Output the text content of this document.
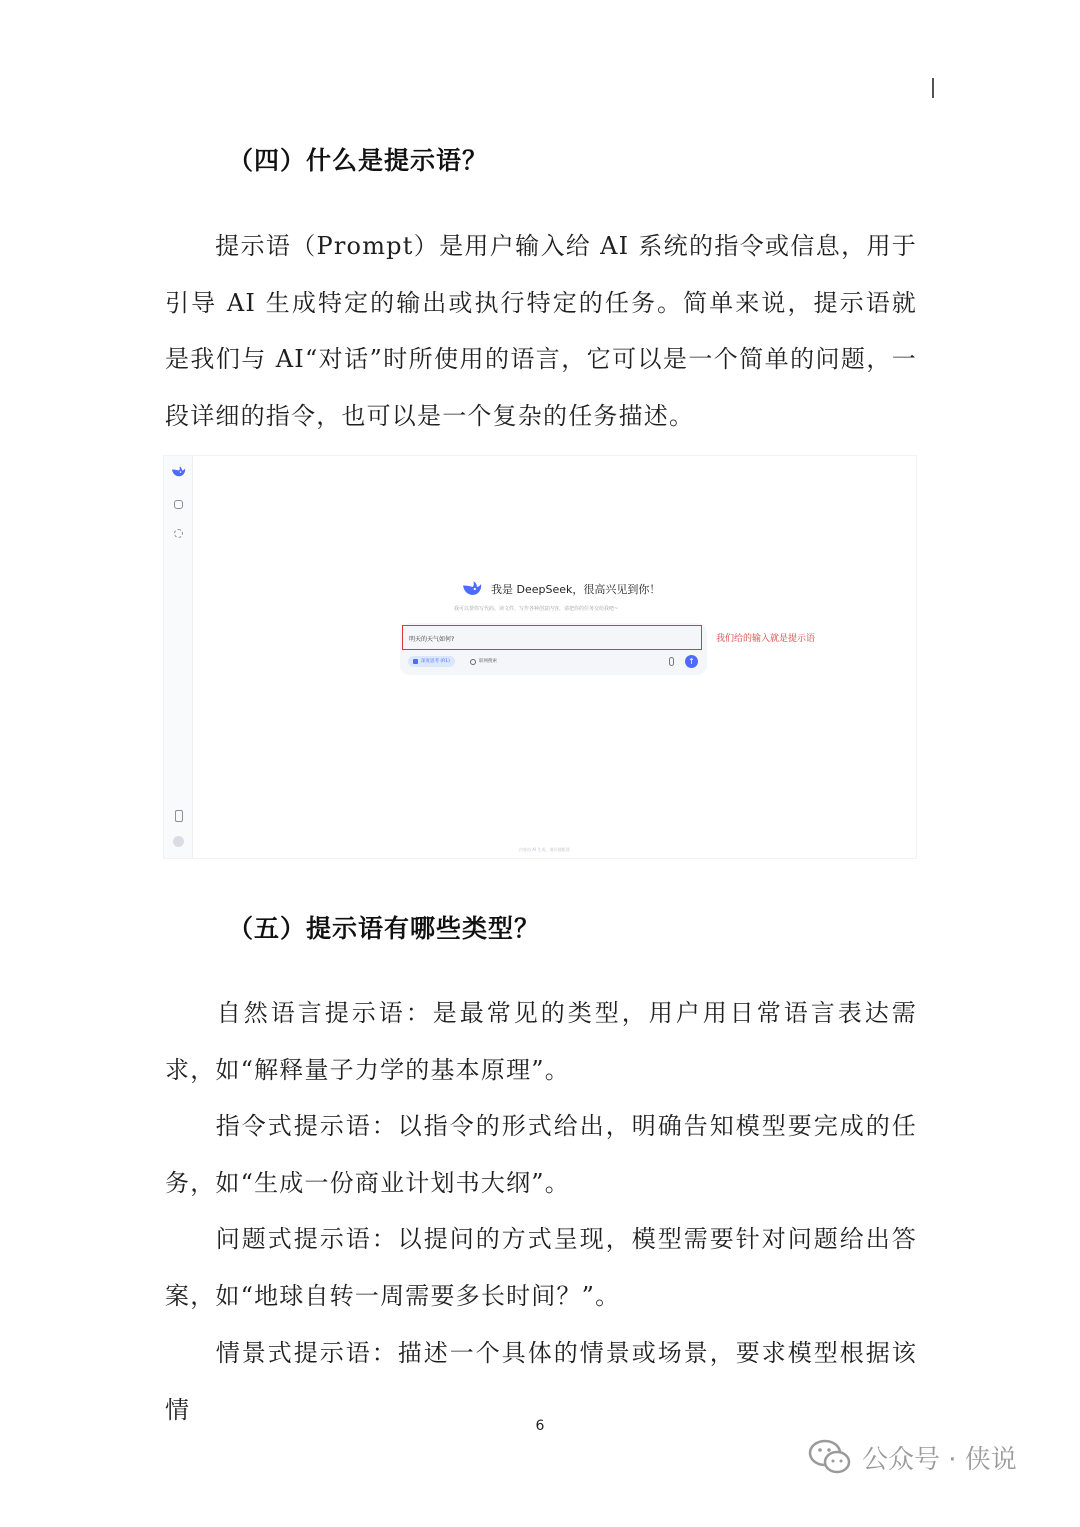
（四）什么是提示语？
提示语（Prompt）是用户输入给 AI 系统的指令或信息，用于引导 AI 生成特定的输出或执行特定的任务。简单来说，提示语就是我们与 AI“对话”时所使用的语言，它可以是一个简单的问题，一段详细的指令，也可以是一个复杂的任务描述。
我是 DeepSeek，很高兴见到你！
我可以帮你写代码、读文件、写作各种创意内容，请把你的任务交给我吧~
明天的天气如何?
深度思考 (R1)	联网搜索	↑
我们给的输入就是提示语
内容由 AI 生成，请仔细甄别
（五）提示语有哪些类型？
自然语言提示语：是最常见的类型，用户用日常语言表达需求，如“解释量子力学的基本原理”。
指令式提示语：以指令的形式给出，明确告知模型要完成的任务，如“生成一份商业计划书大纲”。
问题式提示语：以提问的方式呈现，模型需要针对问题给出答案，如“地球自转一周需要多长时间？”。
情景式提示语：描述一个具体的情景或场景，要求模型根据该情
6
公众号 · 侠说
